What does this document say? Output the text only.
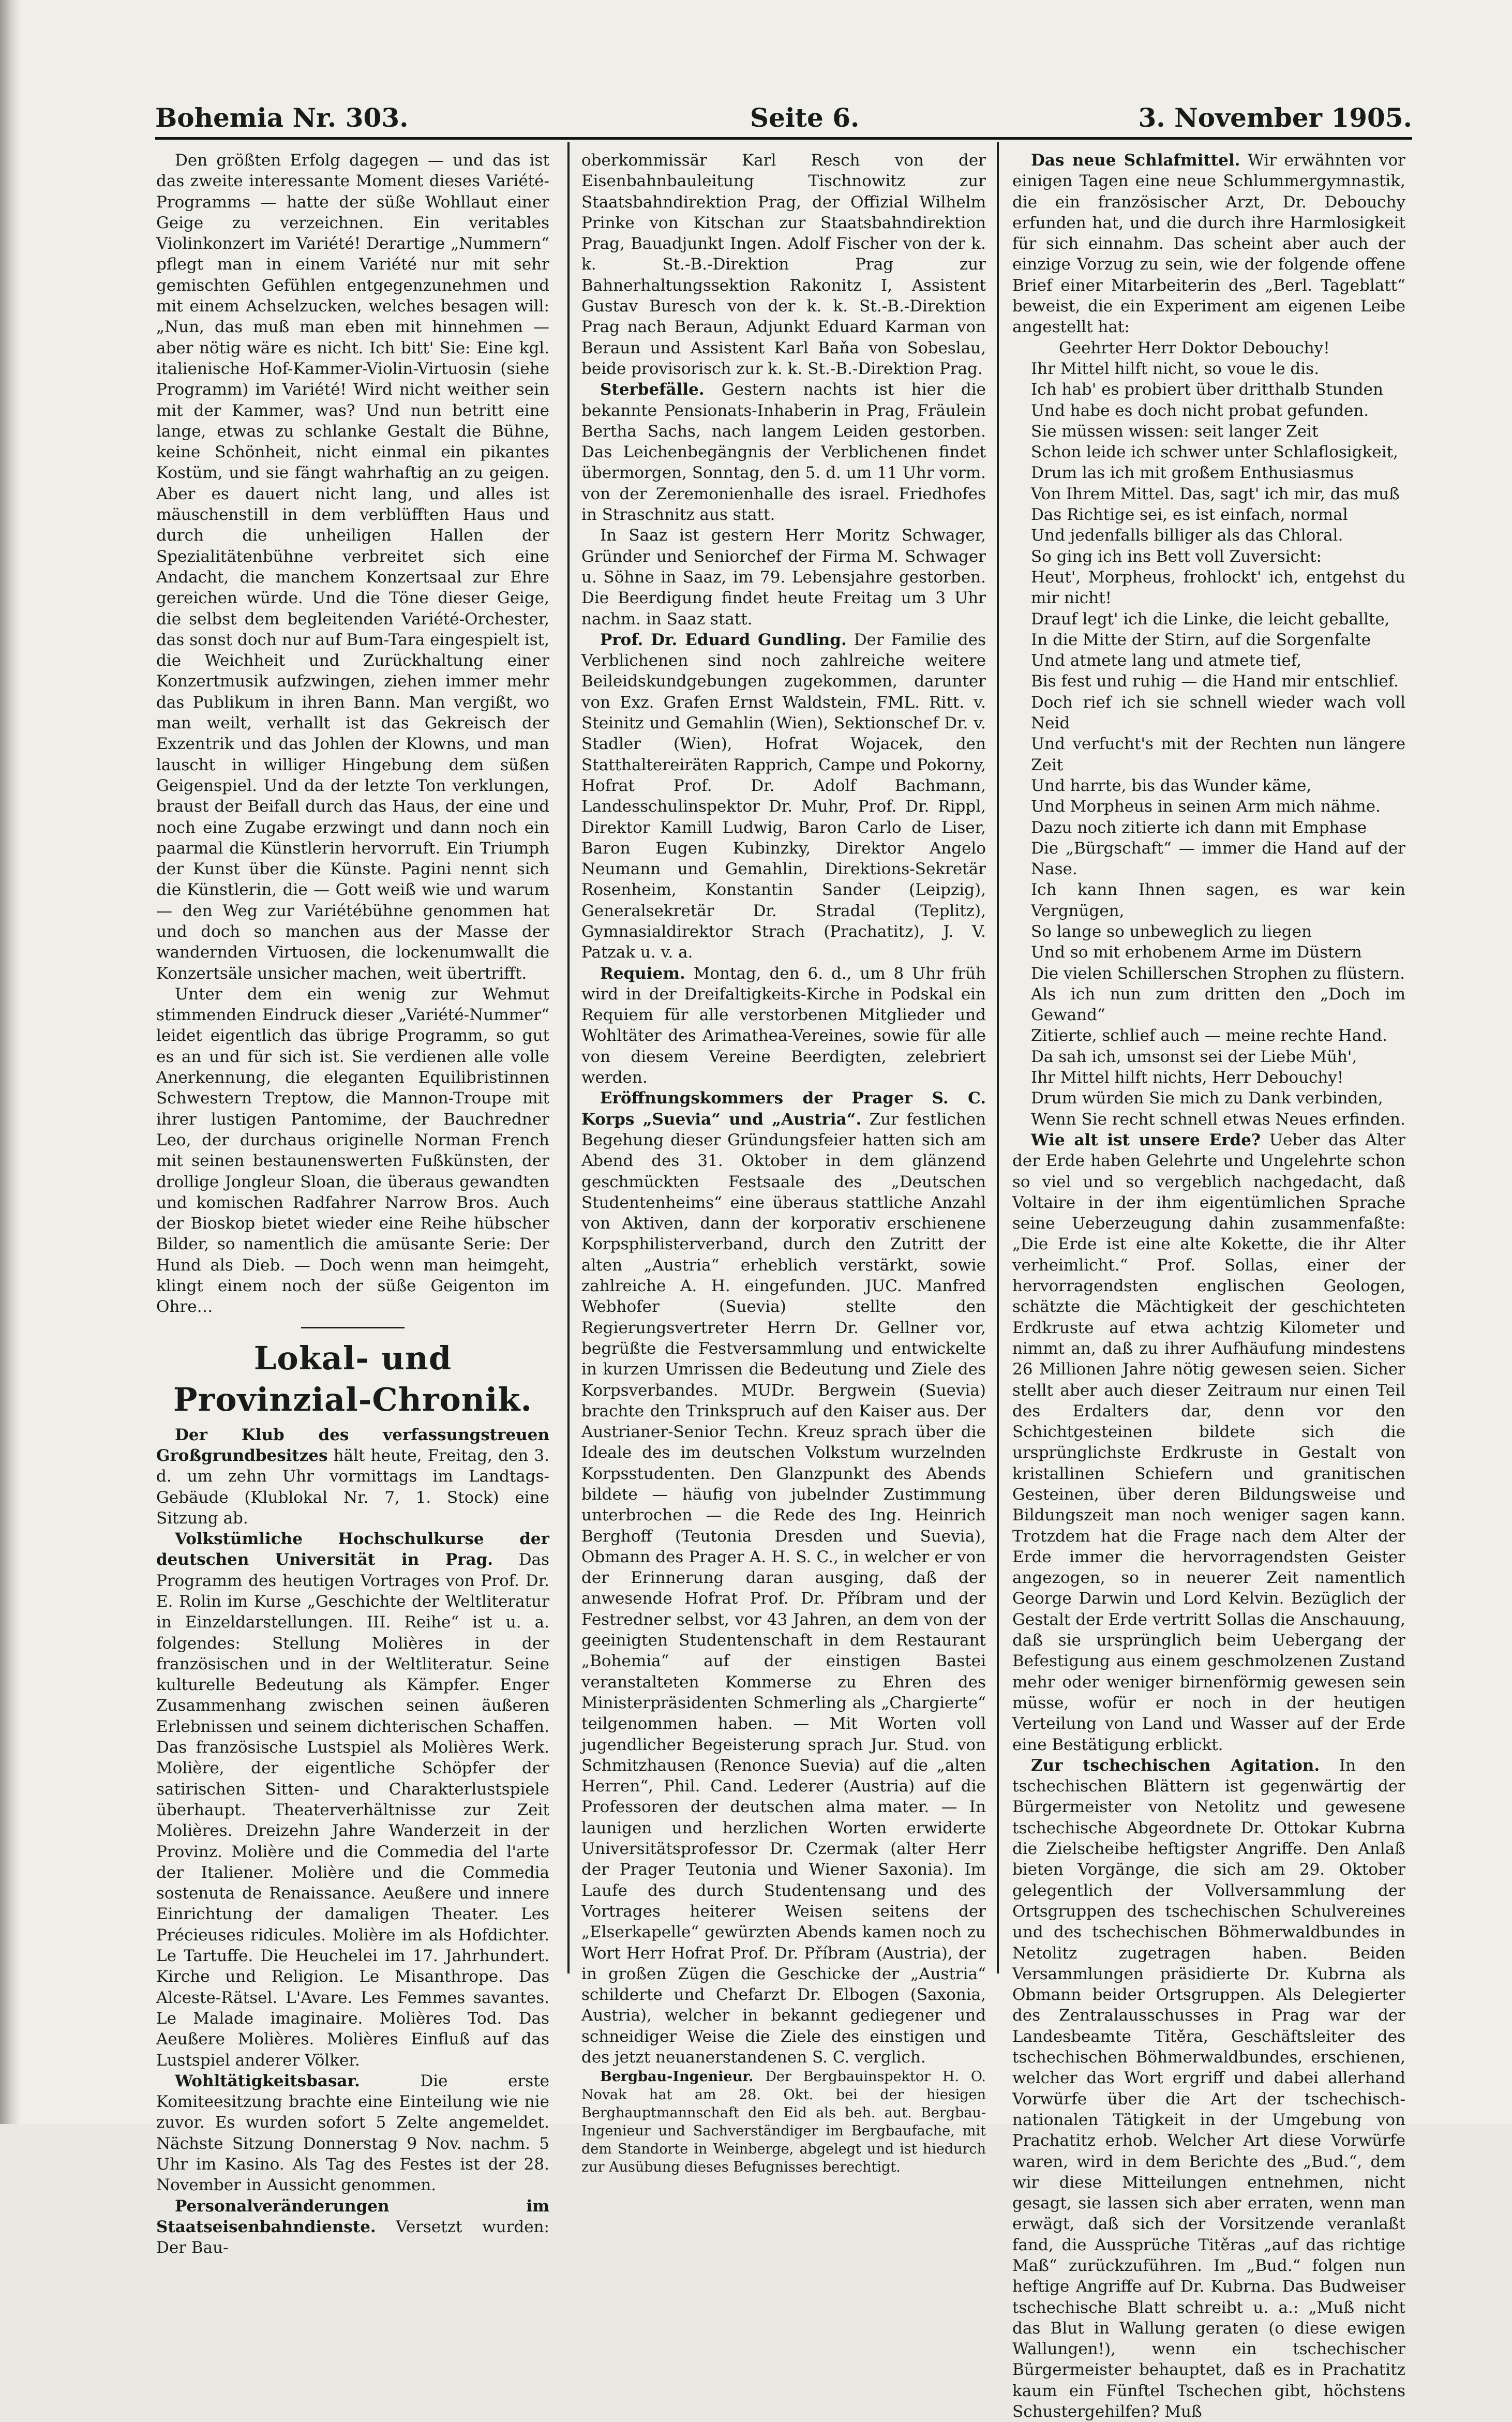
Bohemia Nr. 303.	Seite 6.	3. November 1905.

Den größten Erfolg dagegen — und das ist das zweite interessante Moment dieses Variété-Programms — hatte der süße Wohllaut einer Geige zu verzeichnen. Ein veritables Violinkonzert im Variété! Derartige „Nummern“ pflegt man in einem Variété nur mit sehr gemischten Gefühlen entgegenzunehmen und mit einem Achselzucken, welches besagen will: „Nun, das muß man eben mit hinnehmen — aber nötig wäre es nicht. Ich bitt' Sie: Eine kgl. italienische Hof-Kammer-Violin-Virtuosin (siehe Programm) im Variété! Wird nicht weither sein mit der Kammer, was? Und nun betritt eine lange, etwas zu schlanke Gestalt die Bühne, keine Schönheit, nicht einmal ein pikantes Kostüm, und sie fängt wahrhaftig an zu geigen. Aber es dauert nicht lang, und alles ist mäuschenstill in dem verblüfften Haus und durch die unheiligen Hallen der Spezialitätenbühne verbreitet sich eine Andacht, die manchem Konzertsaal zur Ehre gereichen würde. Und die Töne dieser Geige, die selbst dem begleitenden Variété-Orchester, das sonst doch nur auf Bum-Tara eingespielt ist, die Weichheit und Zurückhaltung einer Konzertmusik aufzwingen, ziehen immer mehr das Publikum in ihren Bann. Man vergißt, wo man weilt, verhallt ist das Gekreisch der Exzentrik und das Johlen der Klowns, und man lauscht in williger Hingebung dem süßen Geigenspiel. Und da der letzte Ton verklungen, braust der Beifall durch das Haus, der eine und noch eine Zugabe erzwingt und dann noch ein paarmal die Künstlerin hervorruft. Ein Triumph der Kunst über die Künste. Pagini nennt sich die Künstlerin, die — Gott weiß wie und warum — den Weg zur Variétébühne genommen hat und doch so manchen aus der Masse der wandernden Virtuosen, die lockenumwallt die Konzertsäle unsicher machen, weit übertrifft.

Unter dem ein wenig zur Wehmut stimmenden Eindruck dieser „Variété-Nummer“ leidet eigentlich das übrige Programm, so gut es an und für sich ist. Sie verdienen alle volle Anerkennung, die eleganten Equilibristinnen Schwestern Treptow, die Mannon-Troupe mit ihrer lustigen Pantomime, der Bauchredner Leo, der durchaus originelle Norman French mit seinen bestaunenswerten Fußkünsten, der drollige Jongleur Sloan, die überaus gewandten und komischen Radfahrer Narrow Bros. Auch der Bioskop bietet wieder eine Reihe hübscher Bilder, so namentlich die amüsante Serie: Der Hund als Dieb. — Doch wenn man heimgeht, klingt einem noch der süße Geigenton im Ohre…

Lokal- und Provinzial-Chronik.

Der Klub des verfassungstreuen Großgrundbesitzes hält heute, Freitag, den 3. d. um zehn Uhr vormittags im Landtags-Gebäude (Klublokal Nr. 7, 1. Stock) eine Sitzung ab.

Volkstümliche Hochschulkurse der deutschen Universität in Prag. Das Programm des heutigen Vortrages von Prof. Dr. E. Rolin im Kurse „Geschichte der Weltliteratur in Einzeldarstellungen. III. Reihe“ ist u. a. folgendes: Stellung Molières in der französischen und in der Weltliteratur. Seine kulturelle Bedeutung als Kämpfer. Enger Zusammenhang zwischen seinen äußeren Erlebnissen und seinem dichterischen Schaffen. Das französische Lustspiel als Molières Werk. Molière, der eigentliche Schöpfer der satirischen Sitten- und Charakterlustspiele überhaupt. Theaterverhältnisse zur Zeit Molières. Dreizehn Jahre Wanderzeit in der Provinz. Molière und die Commedia del l'arte der Italiener. Molière und die Commedia sostenuta de Renaissance. Aeußere und innere Einrichtung der damaligen Theater. Les Précieuses ridicules. Molière im als Hofdichter. Le Tartuffe. Die Heuchelei im 17. Jahrhundert. Kirche und Religion. Le Misanthrope. Das Alceste-Rätsel. L'Avare. Les Femmes savantes. Le Malade imaginaire. Molières Tod. Das Aeußere Molières. Molières Einfluß auf das Lustspiel anderer Völker.

Wohltätigkeitsbasar. Die erste Komiteesitzung brachte eine Einteilung wie nie zuvor. Es wurden sofort 5 Zelte angemeldet. Nächste Sitzung Donnerstag 9 Nov. nachm. 5 Uhr im Kasino. Als Tag des Festes ist der 28. November in Aussicht genommen.

Personalveränderungen im Staatseisenbahndienste. Versetzt wurden: Der Bau-

oberkommissär Karl Resch von der Eisenbahnbauleitung Tischnowitz zur Staatsbahndirektion Prag, der Offizial Wilhelm Prinke von Kitschan zur Staatsbahndirektion Prag, Bauadjunkt Ingen. Adolf Fischer von der k. k. St.-B.-Direktion Prag zur Bahnerhaltungssektion Rakonitz I, Assistent Gustav Buresch von der k. k. St.-B.-Direktion Prag nach Beraun, Adjunkt Eduard Karman von Beraun und Assistent Karl Baňa von Sobeslau, beide provisorisch zur k. k. St.-B.-Direktion Prag.

Sterbefälle. Gestern nachts ist hier die bekannte Pensionats-Inhaberin in Prag, Fräulein Bertha Sachs, nach langem Leiden gestorben. Das Leichenbegängnis der Verblichenen findet übermorgen, Sonntag, den 5. d. um 11 Uhr vorm. von der Zeremonienhalle des israel. Friedhofes in Straschnitz aus statt.

In Saaz ist gestern Herr Moritz Schwager, Gründer und Seniorchef der Firma M. Schwager u. Söhne in Saaz, im 79. Lebensjahre gestorben. Die Beerdigung findet heute Freitag um 3 Uhr nachm. in Saaz statt.

Prof. Dr. Eduard Gundling. Der Familie des Verblichenen sind noch zahlreiche weitere Beileidskundgebungen zugekommen, darunter von Exz. Grafen Ernst Waldstein, FML. Ritt. v. Steinitz und Gemahlin (Wien), Sektionschef Dr. v. Stadler (Wien), Hofrat Wojacek, den Statthaltereiräten Rapprich, Campe und Pokorny, Hofrat Prof. Dr. Adolf Bachmann, Landesschulinspektor Dr. Muhr, Prof. Dr. Rippl, Direktor Kamill Ludwig, Baron Carlo de Liser, Baron Eugen Kubinzky, Direktor Angelo Neumann und Gemahlin, Direktions-Sekretär Rosenheim, Konstantin Sander (Leipzig), Generalsekretär Dr. Stradal (Teplitz), Gymnasialdirektor Strach (Prachatitz), J. V. Patzak u. v. a.

Requiem. Montag, den 6. d., um 8 Uhr früh wird in der Dreifaltigkeits-Kirche in Podskal ein Requiem für alle verstorbenen Mitglieder und Wohltäter des Arimathea-Vereines, sowie für alle von diesem Vereine Beerdigten, zelebriert werden.

Eröffnungskommers der Prager S. C. Korps „Suevia“ und „Austria“. Zur festlichen Begehung dieser Gründungsfeier hatten sich am Abend des 31. Oktober in dem glänzend geschmückten Festsaale des „Deutschen Studentenheims“ eine überaus stattliche Anzahl von Aktiven, dann der korporativ erschienene Korpsphilisterverband, durch den Zutritt der alten „Austria“ erheblich verstärkt, sowie zahlreiche A. H. eingefunden. JUC. Manfred Webhofer (Suevia) stellte den Regierungsvertreter Herrn Dr. Gellner vor, begrüßte die Festversammlung und entwickelte in kurzen Umrissen die Bedeutung und Ziele des Korpsverbandes. MUDr. Bergwein (Suevia) brachte den Trinkspruch auf den Kaiser aus. Der Austrianer-Senior Techn. Kreuz sprach über die Ideale des im deutschen Volkstum wurzelnden Korpsstudenten. Den Glanzpunkt des Abends bildete — häufig von jubelnder Zustimmung unterbrochen — die Rede des Ing. Heinrich Berghoff (Teutonia Dresden und Suevia), Obmann des Prager A. H. S. C., in welcher er von der Erinnerung daran ausging, daß der anwesende Hofrat Prof. Dr. Příbram und der Festredner selbst, vor 43 Jahren, an dem von der geeinigten Studentenschaft in dem Restaurant „Bohemia“ auf der einstigen Bastei veranstalteten Kommerse zu Ehren des Ministerpräsidenten Schmerling als „Chargierte“ teilgenommen haben. — Mit Worten voll jugendlicher Begeisterung sprach Jur. Stud. von Schmitzhausen (Renonce Suevia) auf die „alten Herren“, Phil. Cand. Lederer (Austria) auf die Professoren der deutschen alma mater. — In launigen und herzlichen Worten erwiderte Universitätsprofessor Dr. Czermak (alter Herr der Prager Teutonia und Wiener Saxonia). Im Laufe des durch Studentensang und des Vortrages heiterer Weisen seitens der „Elserkapelle“ gewürzten Abends kamen noch zu Wort Herr Hofrat Prof. Dr. Příbram (Austria), der in großen Zügen die Geschicke der „Austria“ schilderte und Chefarzt Dr. Elbogen (Saxonia, Austria), welcher in bekannt gediegener und schneidiger Weise die Ziele des einstigen und des jetzt neuanerstandenen S. C. verglich.

Bergbau-Ingenieur. Der Bergbauinspektor H. O. Novak hat am 28. Okt. bei der hiesigen Berghauptmannschaft den Eid als beh. aut. Bergbau-Ingenieur und Sachverständiger im Bergbaufache, mit dem Standorte in Weinberge, abgelegt und ist hiedurch zur Ausübung dieses Befugnisses berechtigt.

Das neue Schlafmittel. Wir erwähnten vor einigen Tagen eine neue Schlummergymnastik, die ein französischer Arzt, Dr. Debouchy erfunden hat, und die durch ihre Harmlosigkeit für sich einnahm. Das scheint aber auch der einzige Vorzug zu sein, wie der folgende offene Brief einer Mitarbeiterin des „Berl. Tageblatt“ beweist, die ein Experiment am eigenen Leibe angestellt hat:

Geehrter Herr Doktor Debouchy!

Ihr Mittel hilft nicht, so voue le dis.

Ich hab' es probiert über dritthalb Stunden

Und habe es doch nicht probat gefunden.

Sie müssen wissen: seit langer Zeit

Schon leide ich schwer unter Schlaflosigkeit,

Drum las ich mit großem Enthusiasmus

Von Ihrem Mittel. Das, sagt' ich mir, das muß

Das Richtige sei, es ist einfach, normal

Und jedenfalls billiger als das Chloral.

So ging ich ins Bett voll Zuversicht:

Heut', Morpheus, frohlockt' ich, entgehst du mir nicht!

Drauf legt' ich die Linke, die leicht geballte,

In die Mitte der Stirn, auf die Sorgenfalte

Und atmete lang und atmete tief,

Bis fest und ruhig — die Hand mir entschlief.

Doch rief ich sie schnell wieder wach voll Neid

Und verfucht's mit der Rechten nun längere Zeit

Und harrte, bis das Wunder käme,

Und Morpheus in seinen Arm mich nähme.

Dazu noch zitierte ich dann mit Emphase

Die „Bürgschaft“ — immer die Hand auf der Nase.

Ich kann Ihnen sagen, es war kein Vergnügen,

So lange so unbeweglich zu liegen

Und so mit erhobenem Arme im Düstern

Die vielen Schillerschen Strophen zu flüstern.

Als ich nun zum dritten den „Doch im Gewand“

Zitierte, schlief auch — meine rechte Hand.

Da sah ich, umsonst sei der Liebe Müh',

Ihr Mittel hilft nichts, Herr Debouchy!

Drum würden Sie mich zu Dank verbinden,

Wenn Sie recht schnell etwas Neues erfinden.

Wie alt ist unsere Erde? Ueber das Alter der Erde haben Gelehrte und Ungelehrte schon so viel und so vergeblich nachgedacht, daß Voltaire in der ihm eigentümlichen Sprache seine Ueberzeugung dahin zusammenfaßte: „Die Erde ist eine alte Kokette, die ihr Alter verheimlicht.“ Prof. Sollas, einer der hervorragendsten englischen Geologen, schätzte die Mächtigkeit der geschichteten Erdkruste auf etwa achtzig Kilometer und nimmt an, daß zu ihrer Aufhäufung mindestens 26 Millionen Jahre nötig gewesen seien. Sicher stellt aber auch dieser Zeitraum nur einen Teil des Erdalters dar, denn vor den Schichtgesteinen bildete sich die ursprünglichste Erdkruste in Gestalt von kristallinen Schiefern und granitischen Gesteinen, über deren Bildungsweise und Bildungszeit man noch weniger sagen kann. Trotzdem hat die Frage nach dem Alter der Erde immer die hervorragendsten Geister angezogen, so in neuerer Zeit namentlich George Darwin und Lord Kelvin. Bezüglich der Gestalt der Erde vertritt Sollas die Anschauung, daß sie ursprünglich beim Uebergang der Befestigung aus einem geschmolzenen Zustand mehr oder weniger birnenförmig gewesen sein müsse, wofür er noch in der heutigen Verteilung von Land und Wasser auf der Erde eine Bestätigung erblickt.

Zur tschechischen Agitation. In den tschechischen Blättern ist gegenwärtig der Bürgermeister von Netolitz und gewesene tschechische Abgeordnete Dr. Ottokar Kubrna die Zielscheibe heftigster Angriffe. Den Anlaß bieten Vorgänge, die sich am 29. Oktober gelegentlich der Vollversammlung der Ortsgruppen des tschechischen Schulvereines und des tschechischen Böhmerwaldbundes in Netolitz zugetragen haben. Beiden Versammlungen präsidierte Dr. Kubrna als Obmann beider Ortsgruppen. Als Delegierter des Zentralausschusses in Prag war der Landesbeamte Titěra, Geschäftsleiter des tschechischen Böhmerwaldbundes, erschienen, welcher das Wort ergriff und dabei allerhand Vorwürfe über die Art der tschechisch-nationalen Tätigkeit in der Umgebung von Prachatitz erhob. Welcher Art diese Vorwürfe waren, wird in dem Berichte des „Bud.“, dem wir diese Mitteilungen entnehmen, nicht gesagt, sie lassen sich aber erraten, wenn man erwägt, daß sich der Vorsitzende veranlaßt fand, die Aussprüche Titěras „auf das richtige Maß“ zurückzuführen. Im „Bud.“ folgen nun heftige Angriffe auf Dr. Kubrna. Das Budweiser tschechische Blatt schreibt u. a.: „Muß nicht das Blut in Wallung geraten (o diese ewigen Wallungen!), wenn ein tschechischer Bürgermeister behauptet, daß es in Prachatitz kaum ein Fünftel Tschechen gibt, höchstens Schustergehilfen? Muß
